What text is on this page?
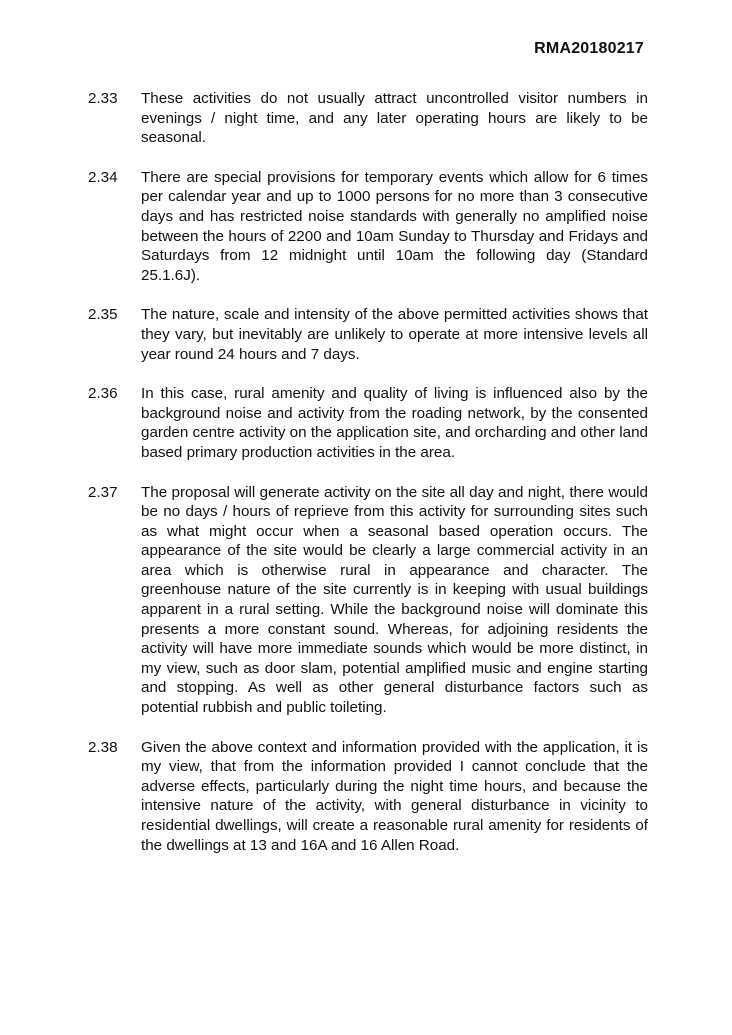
RMA20180217
2.33	These activities do not usually attract uncontrolled visitor numbers in evenings / night time, and any later operating hours are likely to be seasonal.
2.34	There are special provisions for temporary events which allow for 6 times per calendar year and up to 1000 persons for no more than 3 consecutive days and has restricted noise standards with generally no amplified noise between the hours of 2200 and 10am Sunday to Thursday and Fridays and Saturdays from 12 midnight until 10am the following day (Standard 25.1.6J).
2.35	The nature, scale and intensity of the above permitted activities shows that they vary, but inevitably are unlikely to operate at more intensive levels all year round 24 hours and 7 days.
2.36	In this case, rural amenity and quality of living is influenced also by the background noise and activity from the roading network, by the consented garden centre activity on the application site, and orcharding and other land based primary production activities in the area.
2.37	The proposal will generate activity on the site all day and night, there would be no days / hours of reprieve from this activity for surrounding sites such as what might occur when a seasonal based operation occurs. The appearance of the site would be clearly a large commercial activity in an area which is otherwise rural in appearance and character. The greenhouse nature of the site currently is in keeping with usual buildings apparent in a rural setting. While the background noise will dominate this presents a more constant sound. Whereas, for adjoining residents the activity will have more immediate sounds which would be more distinct, in my view, such as door slam, potential amplified music and engine starting and stopping. As well as other general disturbance factors such as potential rubbish and public toileting.
2.38	Given the above context and information provided with the application, it is my view, that from the information provided I cannot conclude that the adverse effects, particularly during the night time hours, and because the intensive nature of the activity, with general disturbance in vicinity to residential dwellings, will create a reasonable rural amenity for residents of the dwellings at 13 and 16A and 16 Allen Road.
